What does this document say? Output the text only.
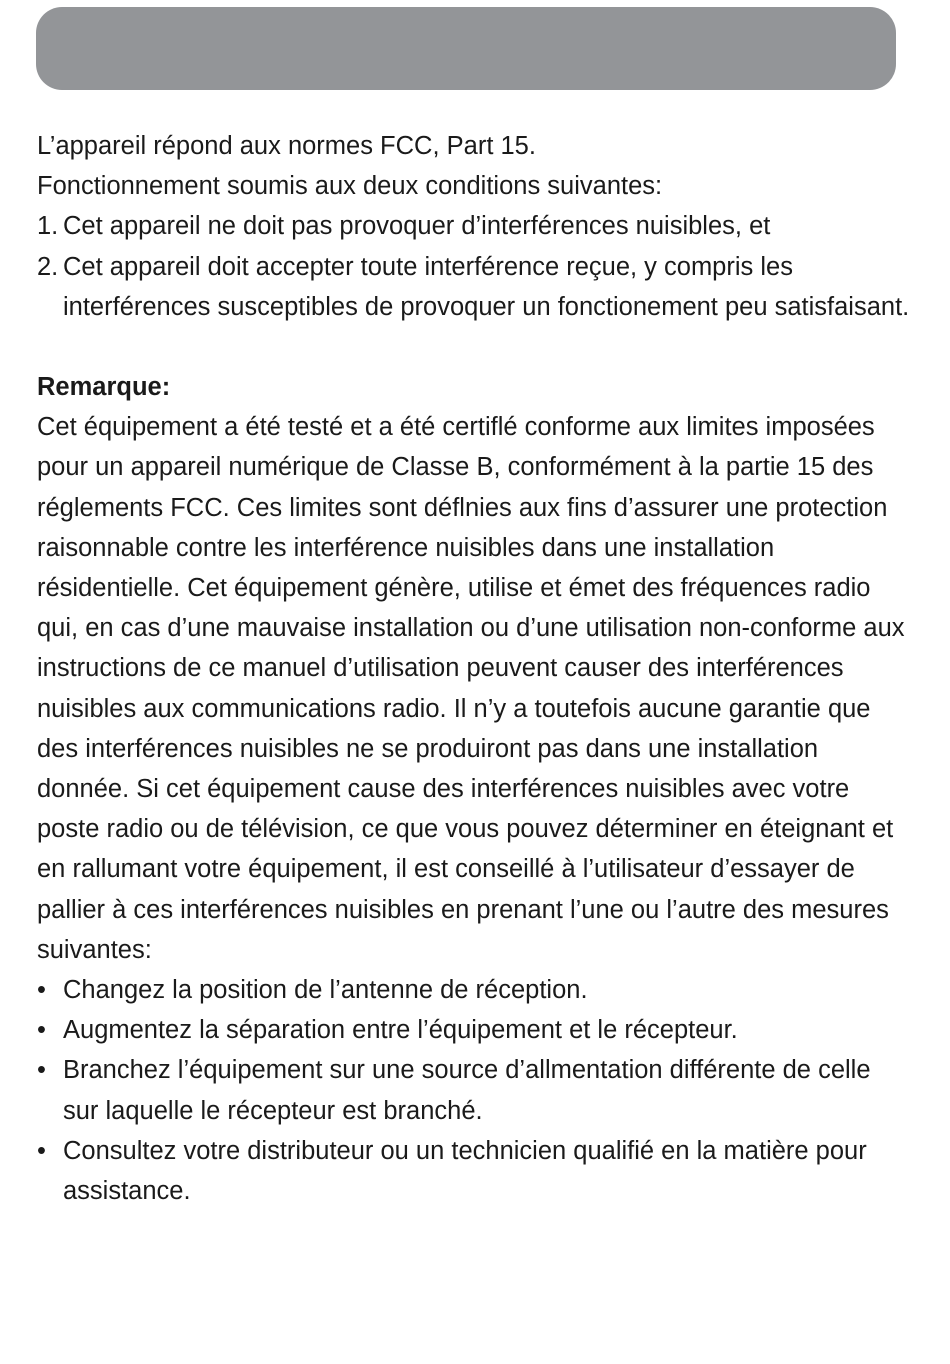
L’appareil répond aux normes FCC, Part 15.

Fonctionnement soumis aux deux conditions suivantes:

1. Cet appareil ne doit pas provoquer d’interférences nuisibles, et
2. Cet appareil doit accepter toute interférence reçue, y compris les interférences susceptibles de provoquer un fonctionement peu satisfaisant.

Remarque:

Cet équipement a été testé et a été certiflé conforme aux limites imposées pour un appareil numérique de Classe B, conformément à la partie 15 des réglements FCC. Ces limites sont déflnies aux fins d’assurer une protection raisonnable contre les interférence nuisibles dans une installation résidentielle. Cet équipement génère, utilise et émet des fréquences radio qui, en cas d’une mauvaise installation ou d’une utilisation non-conforme aux instructions de ce manuel d’utilisation peuvent causer des interférences nuisibles aux communications radio. Il n’y a toutefois aucune garantie que des interférences nuisibles ne se produiront pas dans une installation donnée. Si cet équipement cause des interférences nuisibles avec votre poste radio ou de télévision, ce que vous pouvez déterminer en éteignant et en rallumant votre équipement, il est conseillé à l’utilisateur d’essayer de pallier à ces interférences nuisibles en prenant l’une ou l’autre des mesures suivantes:

• Changez la position de l’antenne de réception.
• Augmentez la séparation entre l’équipement et le récepteur.
• Branchez l’équipement sur une source d’allmentation différente de celle sur laquelle le récepteur est branché.
• Consultez votre distributeur ou un technicien qualifié en la matière pour assistance.
